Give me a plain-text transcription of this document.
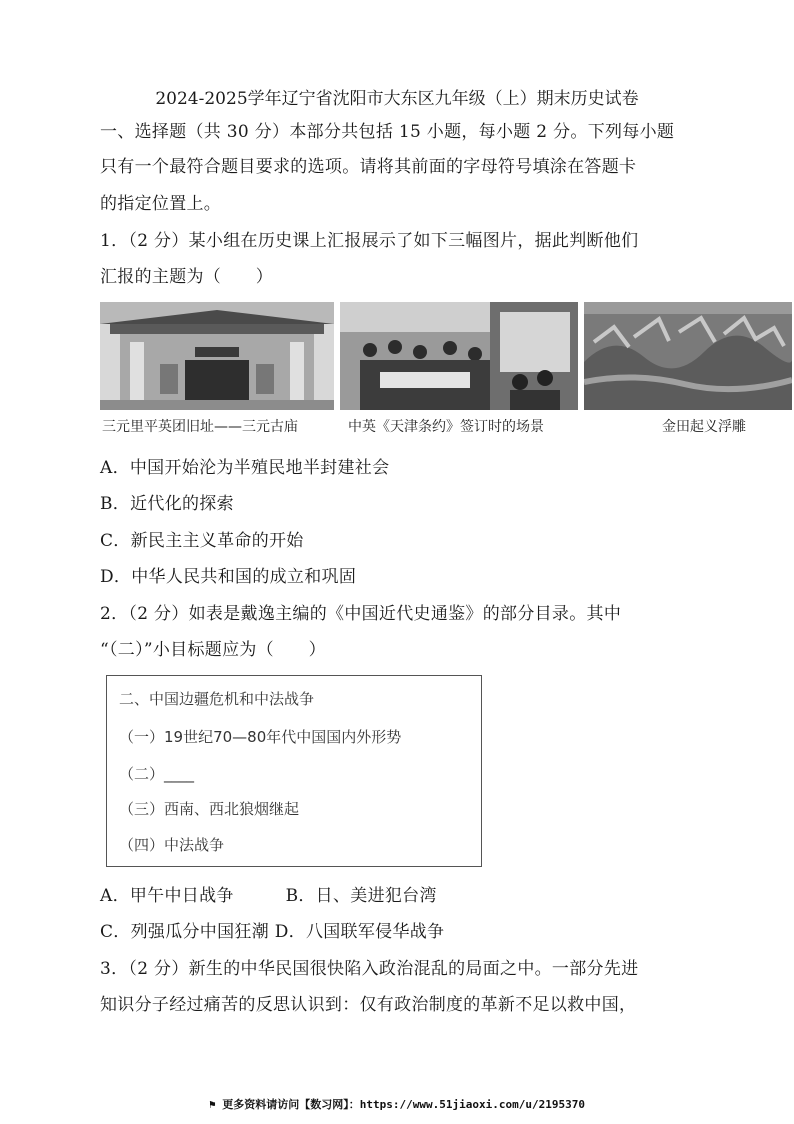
2024-2025学年辽宁省沈阳市大东区九年级（上）期末历史试卷
一、选择题（共 30 分）本部分共包括 15 小题，每小题 2 分。下列每小题
只有一个最符合题目要求的选项。请将其前面的字母符号填涂在答题卡
的指定位置上。
1．（2 分）某小组在历史课上汇报展示了如下三幅图片，据此判断他们
汇报的主题为（　　）
三元里平英团旧址——三元古庙	中英《天津条约》签订时的场景	金田起义浮雕
A．中国开始沦为半殖民地半封建社会
B．近代化的探索
C．新民主主义革命的开始
D．中华人民共和国的成立和巩固
2．（2 分）如表是戴逸主编的《中国近代史通鉴》的部分目录。其中
“（二）”小目标题应为（　　）
二、中国边疆危机和中法战争
（一）19世纪70—80年代中国国内外形势
（二）____
（三）西南、西北狼烟继起
（四）中法战争
A．甲午中日战争　　　B．日、美进犯台湾
C．列强瓜分中国狂潮 D．八国联军侵华战争
3．（2 分）新生的中华民国很快陷入政治混乱的局面之中。一部分先进
知识分子经过痛苦的反思认识到：仅有政治制度的革新不足以救中国，
⚑ 更多资料请访问【数习网】：https://www.51jiaoxi.com/u/2195370
